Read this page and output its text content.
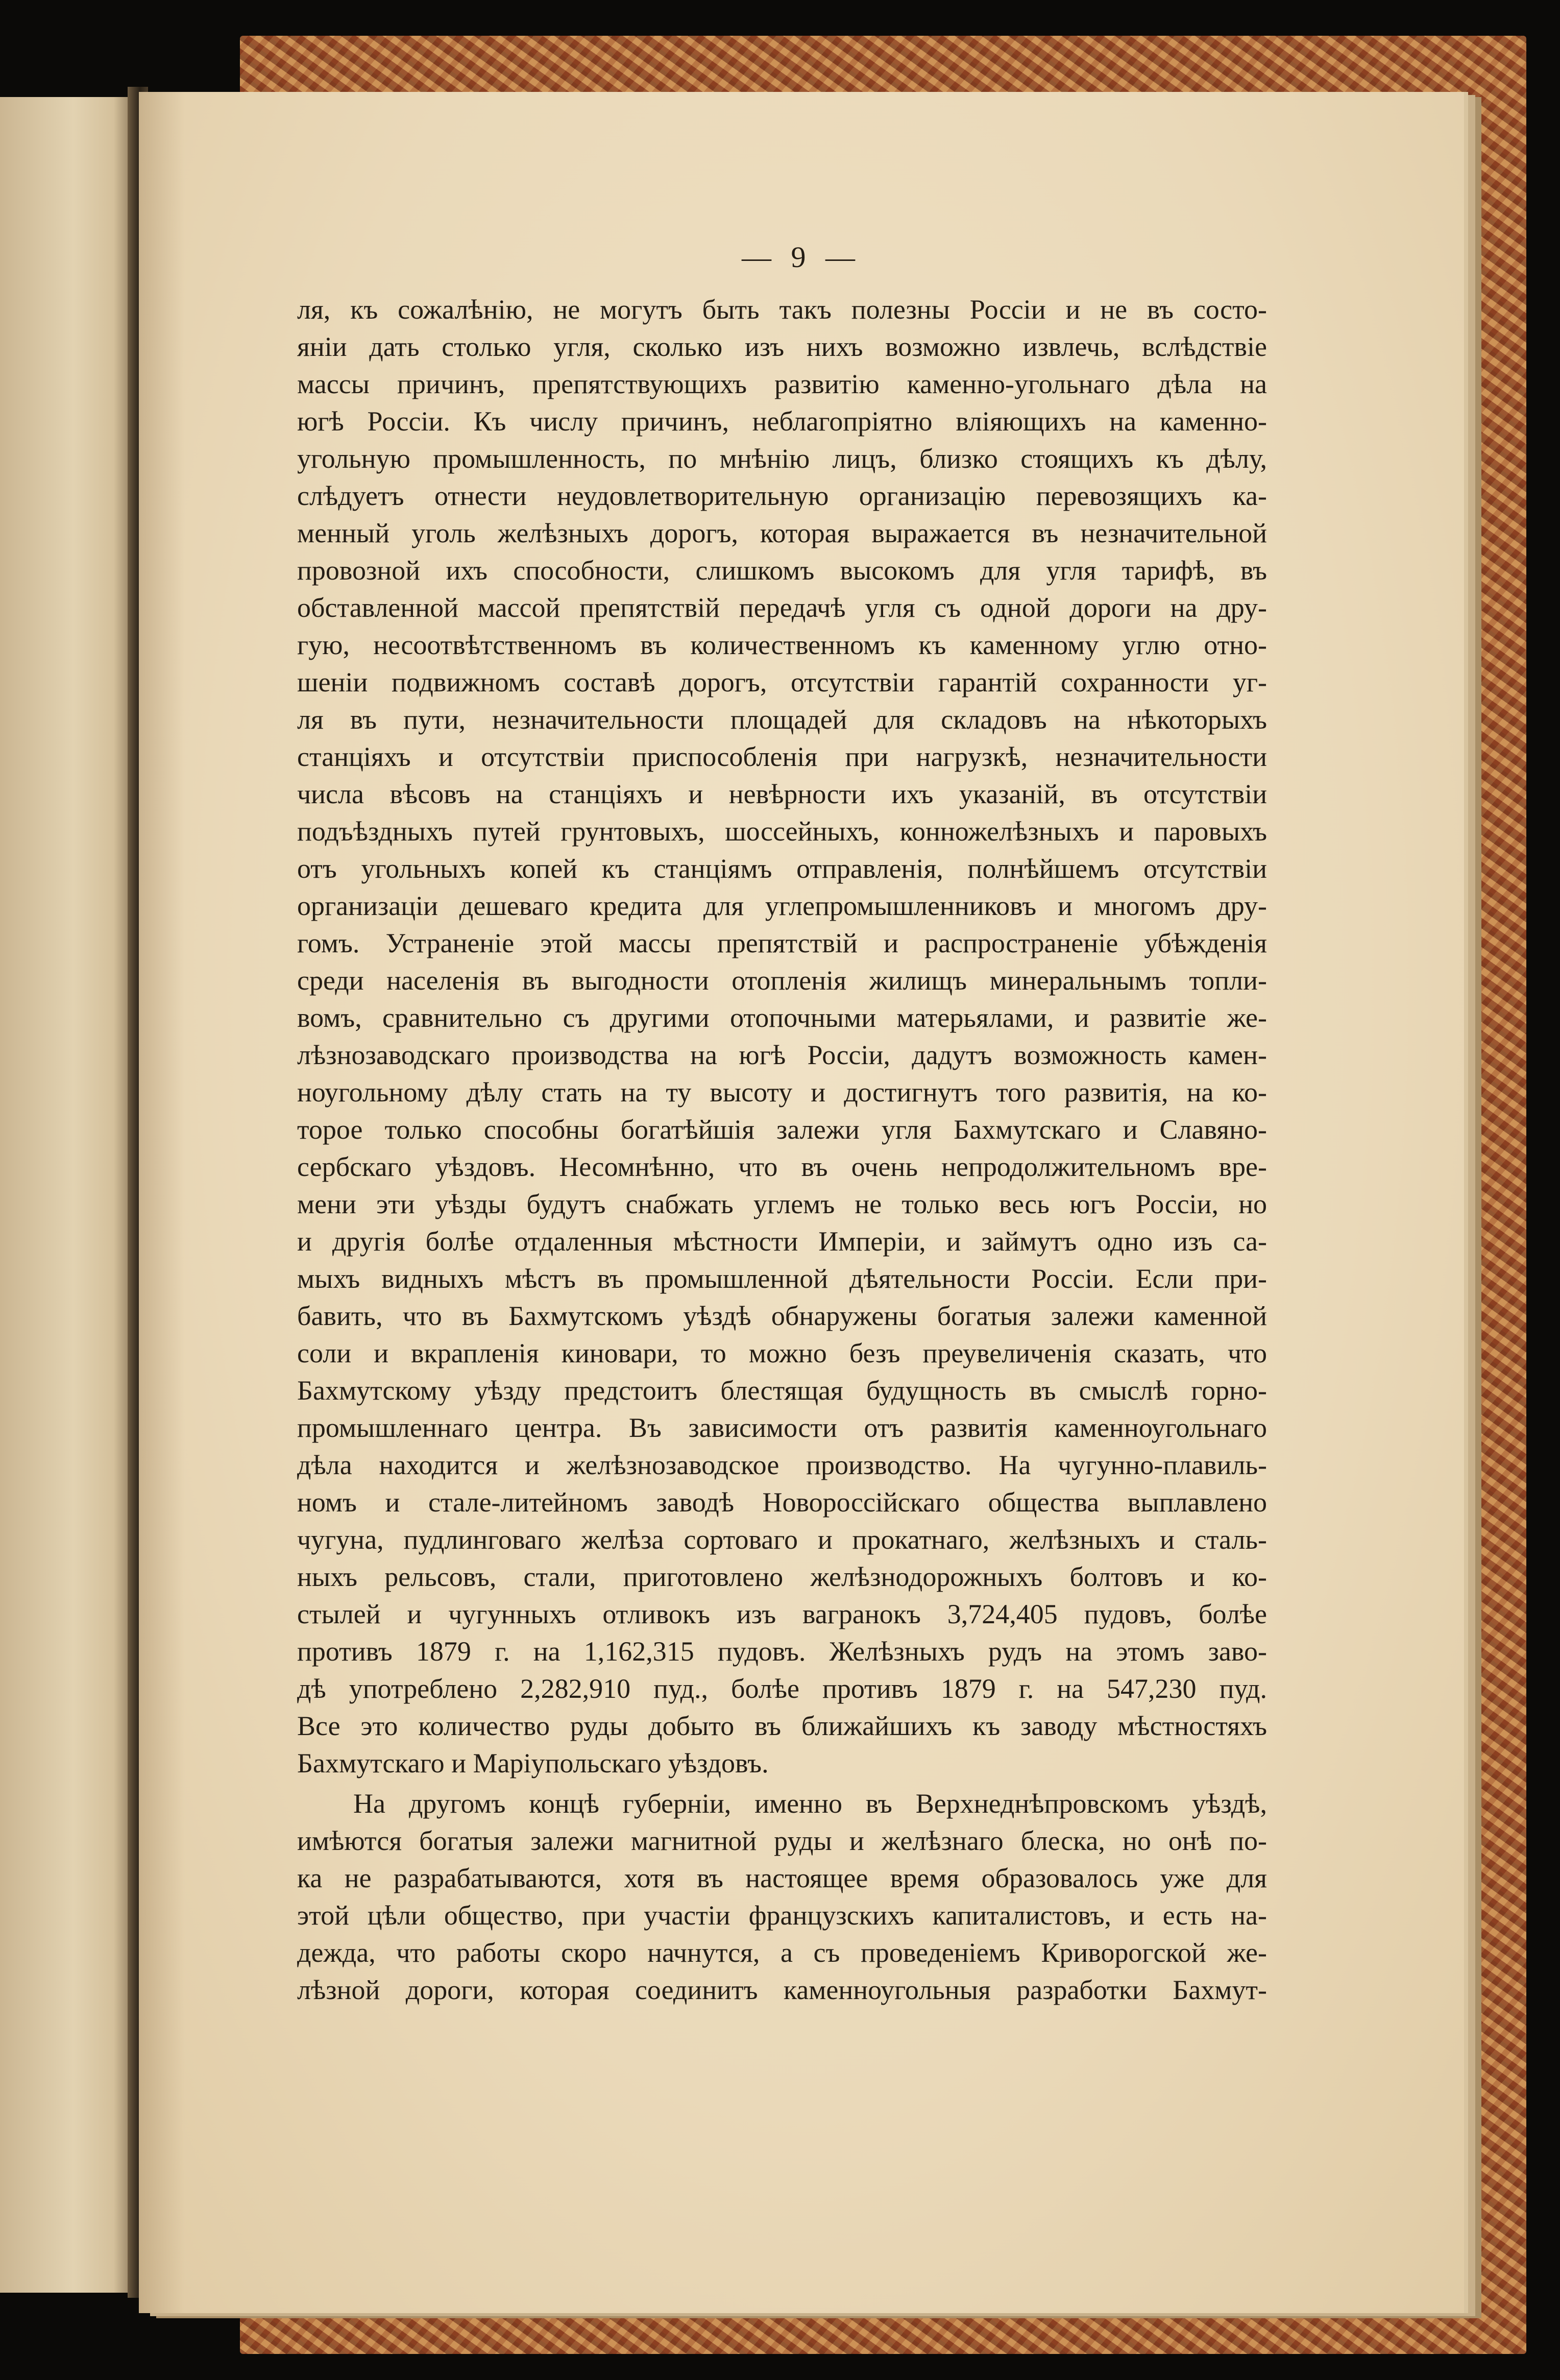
— 9 —
ля, къ сожалѣнію, не могутъ быть такъ полезны Россіи и не въ состо-
яніи дать столько угля, сколько изъ нихъ возможно извлечь, вслѣдствіе
массы причинъ, препятствующихъ развитію каменно-угольнаго дѣла на
югѣ Россіи. Къ числу причинъ, неблагопріятно вліяющихъ на каменно-
угольную промышленность, по мнѣнію лицъ, близко стоящихъ къ дѣлу,
слѣдуетъ отнести неудовлетворительную организацію перевозящихъ ка-
менный уголь желѣзныхъ дорогъ, которая выражается въ незначительной
провозной ихъ способности, слишкомъ высокомъ для угля тарифѣ, въ
обставленной массой препятствій передачѣ угля съ одной дороги на дру-
гую, несоотвѣтственномъ въ количественномъ къ каменному углю отно-
шеніи подвижномъ составѣ дорогъ, отсутствіи гарантій сохранности уг-
ля въ пути, незначительности площадей для складовъ на нѣкоторыхъ
станціяхъ и отсутствіи приспособленія при нагрузкѣ, незначительности
числа вѣсовъ на станціяхъ и невѣрности ихъ указаній, въ отсутствіи
подъѣздныхъ путей грунтовыхъ, шоссейныхъ, конножелѣзныхъ и паровыхъ
отъ угольныхъ копей къ станціямъ отправленія, полнѣйшемъ отсутствіи
организаціи дешеваго кредита для углепромышленниковъ и многомъ дру-
гомъ. Устраненіе этой массы препятствій и распространеніе убѣжденія
среди населенія въ выгодности отопленія жилищъ минеральнымъ топли-
вомъ, сравнительно съ другими отопочными матерьялами, и развитіе же-
лѣзнозаводскаго производства на югѣ Россіи, дадутъ возможность камен-
ноугольному дѣлу стать на ту высоту и достигнутъ того развитія, на ко-
торое только способны богатѣйшія залежи угля Бахмутскаго и Славяно-
сербскаго уѣздовъ. Несомнѣнно, что въ очень непродолжительномъ вре-
мени эти уѣзды будутъ снабжать углемъ не только весь югъ Россіи, но
и другія болѣе отдаленныя мѣстности Имперіи, и займутъ одно изъ са-
мыхъ видныхъ мѣстъ въ промышленной дѣятельности Россіи. Если при-
бавить, что въ Бахмутскомъ уѣздѣ обнаружены богатыя залежи каменной
соли и вкрапленія киновари, то можно безъ преувеличенія сказать, что
Бахмутскому уѣзду предстоитъ блестящая будущность въ смыслѣ горно-
промышленнаго центра. Въ зависимости отъ развитія каменноугольнаго
дѣла находится и желѣзнозаводское производство. На чугунно-плавиль-
номъ и стале-литейномъ заводѣ Новороссійскаго общества выплавлено
чугуна, пудлинговаго желѣза сортоваго и прокатнаго, желѣзныхъ и сталь-
ныхъ рельсовъ, стали, приготовлено желѣзнодорожныхъ болтовъ и ко-
стылей и чугунныхъ отливокъ изъ вагранокъ 3,724,405 пудовъ, болѣе
противъ 1879 г. на 1,162,315 пудовъ. Желѣзныхъ рудъ на этомъ заво-
дѣ употреблено 2,282,910 пуд., болѣе противъ 1879 г. на 547,230 пуд.
Все это количество руды добыто въ ближайшихъ къ заводу мѣстностяхъ
Бахмутскаго и Маріупольскаго уѣздовъ.
На другомъ концѣ губерніи, именно въ Верхнеднѣпровскомъ уѣздѣ,
имѣются богатыя залежи магнитной руды и желѣзнаго блеска, но онѣ по-
ка не разрабатываются, хотя въ настоящее время образовалось уже для
этой цѣли общество, при участіи французскихъ капиталистовъ, и есть на-
дежда, что работы скоро начнутся, а съ проведеніемъ Криворогской же-
лѣзной дороги, которая соединитъ каменноугольныя разработки Бахмут-
